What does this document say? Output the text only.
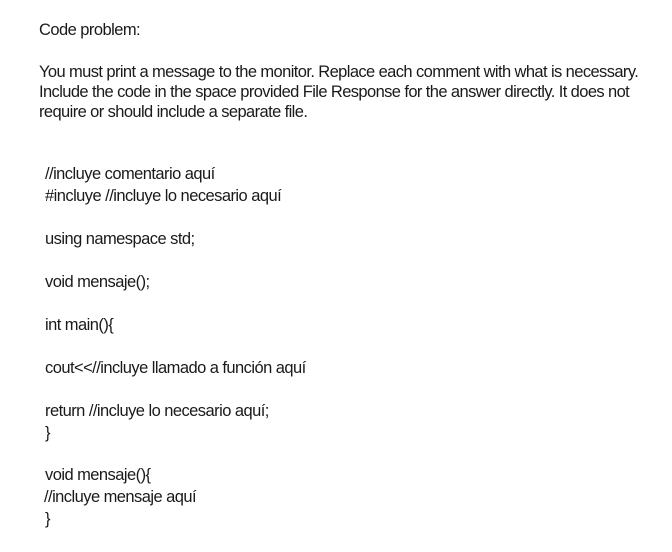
Code problem:
You must print a message to the monitor. Replace each comment with what is necessary.
Include the code in the space provided File Response for the answer directly. It does not
require or should include a separate file.
//incluye comentario aquí
#incluye //incluye lo necesario aquí
using namespace std;
void mensaje();
int main(){
cout<<//incluye llamado a función aquí
return //incluye lo necesario aquí;
}
void mensaje(){
//incluye mensaje aquí
}
